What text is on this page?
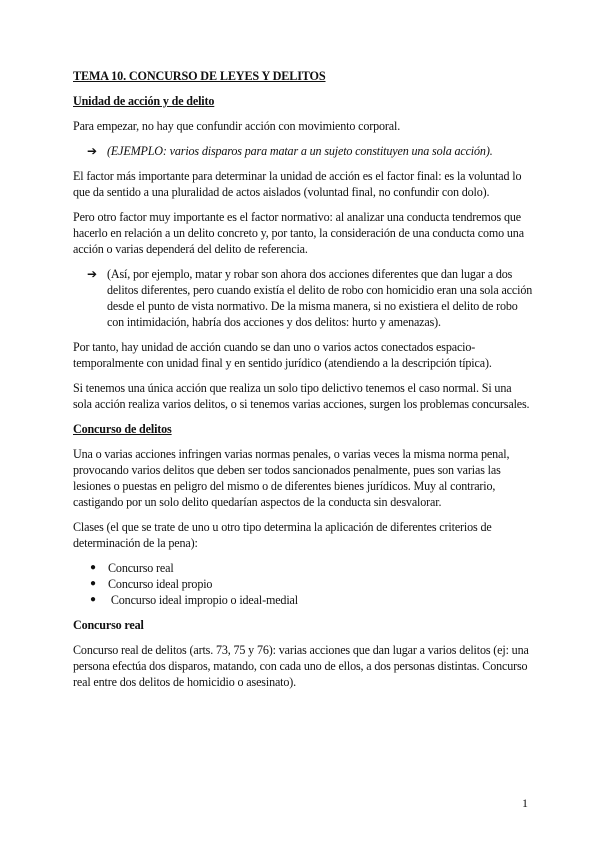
TEMA 10. CONCURSO DE LEYES Y DELITOS
Unidad de acción y de delito

Para empezar, no hay que confundir acción con movimiento corporal.

➔ (EJEMPLO: varios disparos para matar a un sujeto constituyen una sola acción).

El factor más importante para determinar la unidad de acción es el factor final: es la voluntad lo que da sentido a una pluralidad de actos aislados (voluntad final, no confundir con dolo).

Pero otro factor muy importante es el factor normativo: al analizar una conducta tendremos que hacerlo en relación a un delito concreto y, por tanto, la consideración de una conducta como una acción o varias dependerá del delito de referencia.

➔ (Así, por ejemplo, matar y robar son ahora dos acciones diferentes que dan lugar a dos delitos diferentes, pero cuando existía el delito de robo con homicidio eran una sola acción desde el punto de vista normativo. De la misma manera, si no existiera el delito de robo con intimidación, habría dos acciones y dos delitos: hurto y amenazas).

Por tanto, hay unidad de acción cuando se dan uno o varios actos conectados espacio-temporalmente con unidad final y en sentido jurídico (atendiendo a la descripción típica).

Si tenemos una única acción que realiza un solo tipo delictivo tenemos el caso normal. Si una sola acción realiza varios delitos, o si tenemos varias acciones, surgen los problemas concursales.

Concurso de delitos

Una o varias acciones infringen varias normas penales, o varias veces la misma norma penal, provocando varios delitos que deben ser todos sancionados penalmente, pues son varias las lesiones o puestas en peligro del mismo o de diferentes bienes jurídicos. Muy al contrario, castigando por un solo delito quedarían aspectos de la conducta sin desvalorar.

Clases (el que se trate de uno u otro tipo determina la aplicación de diferentes criterios de determinación de la pena):

●	Concurso real
●	Concurso ideal propio
●	Concurso ideal impropio o ideal-medial
Concurso real

Concurso real de delitos (arts. 73, 75 y 76): varias acciones que dan lugar a varios delitos (ej: una persona efectúa dos disparos, matando, con cada uno de ellos, a dos personas distintas. Concurso real entre dos delitos de homicidio o asesinato).

1
